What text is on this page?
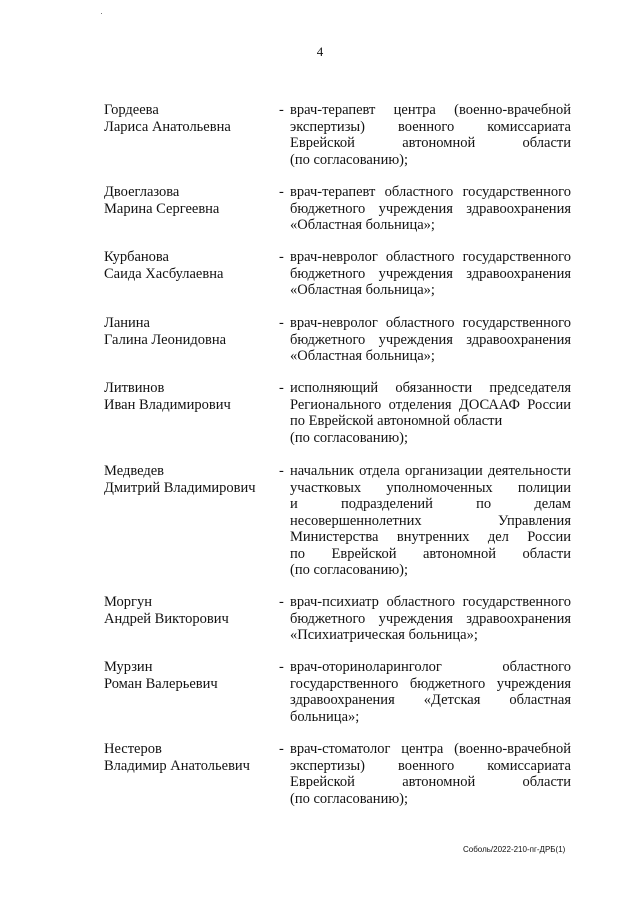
4
Гордеева
Лариса Анатольевна
- врач-терапевт центра (военно-врачебной
экспертизы) военного комиссариата
Еврейской автономной области
(по согласованию);
Двоеглазова
Марина Сергеевна
- врач-терапевт областного государственного
бюджетного учреждения здравоохранения
«Областная больница»;
Курбанова
Саида Хасбулаевна
- врач-невролог областного государственного
бюджетного учреждения здравоохранения
«Областная больница»;
Ланина
Галина Леонидовна
- врач-невролог областного государственного
бюджетного учреждения здравоохранения
«Областная больница»;
Литвинов
Иван Владимирович
- исполняющий обязанности председателя
Регионального отделения ДОСААФ России
по Еврейской автономной области
(по согласованию);
Медведев
Дмитрий Владимирович
- начальник отдела организации деятельности
участковых уполномоченных полиции
и подразделений по делам
несовершеннолетних Управления
Министерства внутренних дел России
по Еврейской автономной области
(по согласованию);
Моргун
Андрей Викторович
- врач-психиатр областного государственного
бюджетного учреждения здравоохранения
«Психиатрическая больница»;
Мурзин
Роман Валерьевич
- врач-оториноларинголог областного
государственного бюджетного учреждения
здравоохранения «Детская областная
больница»;
Нестеров
Владимир Анатольевич
- врач-стоматолог центра (военно-врачебной
экспертизы) военного комиссариата
Еврейской автономной области
(по согласованию);
Соболь/2022-210-пг-ДРБ(1)
